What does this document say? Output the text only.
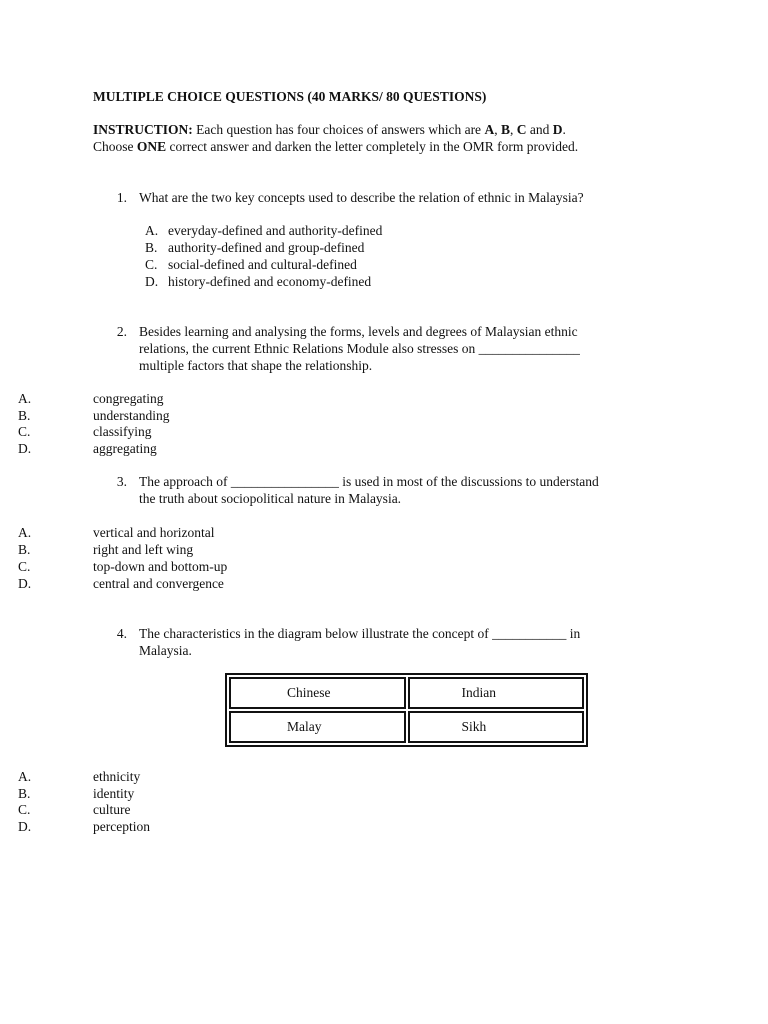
MULTIPLE CHOICE QUESTIONS (40 MARKS/ 80 QUESTIONS)
INSTRUCTION: Each question has four choices of answers which are A, B, C and D.
Choose ONE correct answer and darken the letter completely in the OMR form provided.
1. What are the two key concepts used to describe the relation of ethnic in Malaysia?
A. everyday-defined and authority-defined
B. authority-defined and group-defined
C. social-defined and cultural-defined
D. history-defined and economy-defined
2. Besides learning and analysing the forms, levels and degrees of Malaysian ethnic
relations, the current Ethnic Relations Module also stresses on _______________
multiple factors that shape the relationship.
A.	congregating
B.	understanding
C.	classifying
D.	aggregating
3. The approach of ________________ is used in most of the discussions to understand
the truth about sociopolitical nature in Malaysia.
A.	vertical and horizontal
B.	right and left wing
C.	top-down and bottom-up
D.	central and convergence
4. The characteristics in the diagram below illustrate the concept of ___________ in
Malaysia.
Chinese	Indian
Malay	Sikh
A.	ethnicity
B.	identity
C.	culture
D.	perception
